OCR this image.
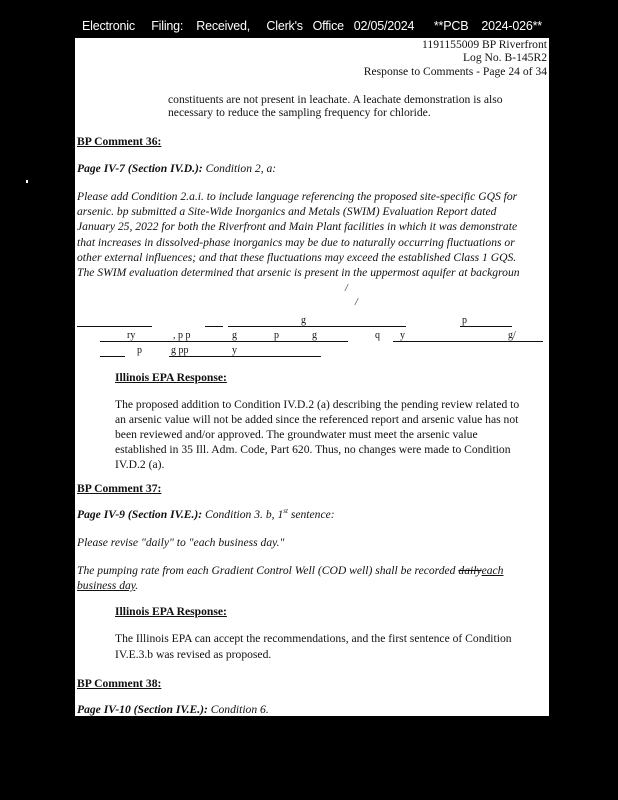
Electronic     Filing:    Received,     Clerk's   Office   02/05/2024      **PCB    2024-026**
1191155009 BP Riverfront
Log No. B-145R2
Response to Comments - Page 24 of 34
constituents are not present in leachate. A leachate demonstration is also
necessary to reduce the sampling frequency for chloride.
BP Comment 36:
Page IV-7 (Section IV.D.): Condition 2, a:
Please add Condition 2.a.i. to include language referencing the proposed site-specific GQS for
arsenic. bp submitted a Site-Wide Inorganics and Metals (SWIM) Evaluation Report dated
January 25, 2022 for both the Riverfront and Main Plant facilities in which it was demonstrate
that increases in dissolved-phase inorganics may be due to naturally occurring fluctuations or
other external influences; and that these fluctuations may exceed the established Class 1 GQS.
The SWIM evaluation determined that arsenic is present in the uppermost aquifer at backgroun
/
/
g	p
ry	, p p	g	p	g	q y	g/
p	g pp	y
Illinois EPA Response:
The proposed addition to Condition IV.D.2 (a) describing the pending review related to
an arsenic value will not be added since the referenced report and arsenic value has not
been reviewed and/or approved. The groundwater must meet the arsenic value
established in 35 Ill. Adm. Code, Part 620. Thus, no changes were made to Condition
IV.D.2 (a).
BP Comment 37:
Page IV-9 (Section IV.E.): Condition 3. b, 1st sentence:
Please revise "daily" to "each business day."
The pumping rate from each Gradient Control Well (COD well) shall be recorded dailyeach
business day.
Illinois EPA Response:
The Illinois EPA can accept the recommendations, and the first sentence of Condition
IV.E.3.b was revised as proposed.
BP Comment 38:
Page IV-10 (Section IV.E.): Condition 6.
